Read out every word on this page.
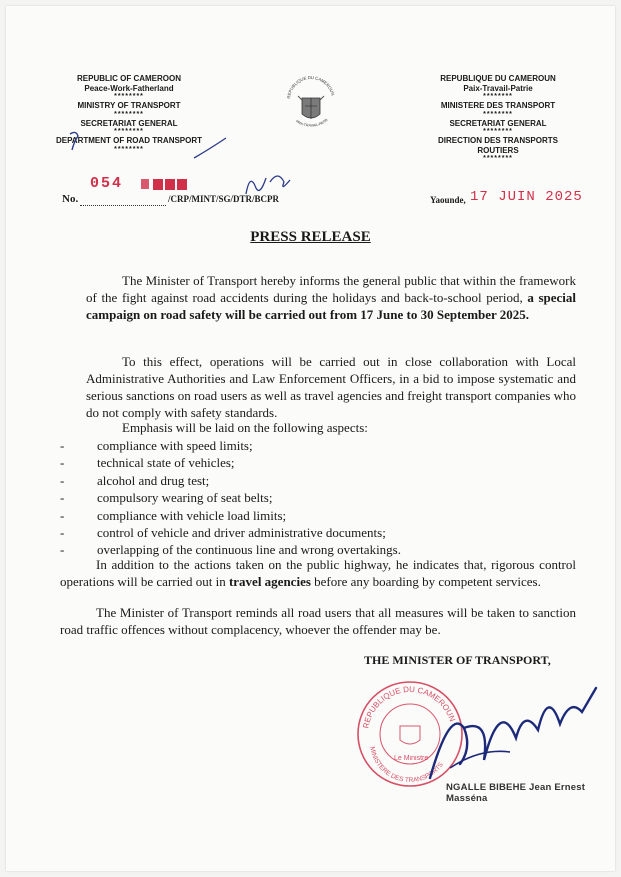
REPUBLIC OF CAMEROON
Peace-Work-Fatherland
********
MINISTRY OF TRANSPORT
********
SECRETARIAT GENERAL
********
DEPARTMENT OF ROAD TRANSPORT
********
REPUBLIQUE DU CAMEROUN
PAIX-TRAVAIL-PATRI
REPUBLIQUE DU CAMEROUN
Paix-Travail-Patrie
********
MINISTERE DES TRANSPORT
********
SECRETARIAT GENERAL
********
DIRECTION DES TRANSPORTS
ROUTIERS
********
No.
054
/CRP/MINT/SG/DTR/BCPR	Yaounde, 17 JUIN 2025
PRESS RELEASE
The Minister of Transport hereby informs the general public that within the framework of the fight against road accidents during the holidays and back-to-school period, a special campaign on road safety will be carried out from 17 June to 30 September 2025.
To this effect, operations will be carried out in close collaboration with Local Administrative Authorities and Law Enforcement Officers, in a bid to impose systematic and serious sanctions on road users as well as travel agencies and freight transport companies who do not comply with safety standards.
Emphasis will be laid on the following aspects:
-	compliance with speed limits;
-	technical state of vehicles;
-	alcohol and drug test;
-	compulsory wearing of seat belts;
-	compliance with vehicle load limits;
-	control of vehicle and driver administrative documents;
-	overlapping of the continuous line and wrong overtakings.
In addition to the actions taken on the public highway, he indicates that, rigorous control operations will be carried out in travel agencies before any boarding by competent services.
The Minister of Transport reminds all road users that all measures will be taken to sanction road traffic offences without complacency, whoever the offender may be.
THE MINISTER OF TRANSPORT,
REPUBLIQUE DU CAMEROUN
MINISTERE DES TRANSPORTS
Le Ministre
NGALLE BIBEHE Jean Ernest Masséna
